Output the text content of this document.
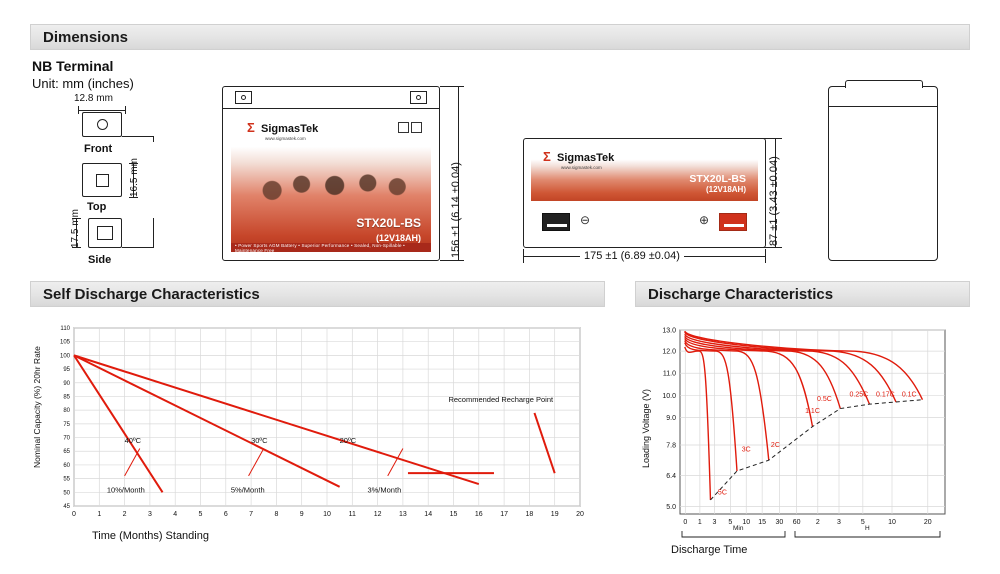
Dimensions
Self Discharge Characteristics	Discharge Characteristics
NB Terminal
Unit: mm (inches)
12.8 mm
Front
Top
16.5 mm
Side
17.5 mm
Σ SigmasTek
www.sigmastek.com
STX20L-BS
(12V18AH)
• Power Sports AGM Battery • Superior Performance • Sealed, Non-Spillable • Maintenance Free	156 ±1 (6.14 ±0.04)
Σ SigmasTek
www.sigmastek.com
STX20L-BS
(12V18AH)
⊖	⊕	87 ±1 (3.43 ±0.04)
175 ±1 (6.89 ±0.04)
45
50
55
60
65
70
75
80
85
90
95
100
105
110
0	1	2	3	4	5	6	7	8	9	10	11	12	13	14	15	16	17	18	19	20
40ºC	30ºC	20ºC
10%/Month	5%/Month	3%/Month
Recommended Recharge Point
Nominal Capacity (%) 20hr Rate
Time (Months) Standing
13.0
12.0
11.0
10.0
9.0
7.8
6.4
5.0
0 1 3 5 10 15 30 60 2 3	5	10	20
5C
3C
2C
1.1C
0.5C
0.25C 0.17C 0.1C
Loading Voltage (V)
Min	H
Discharge Time
